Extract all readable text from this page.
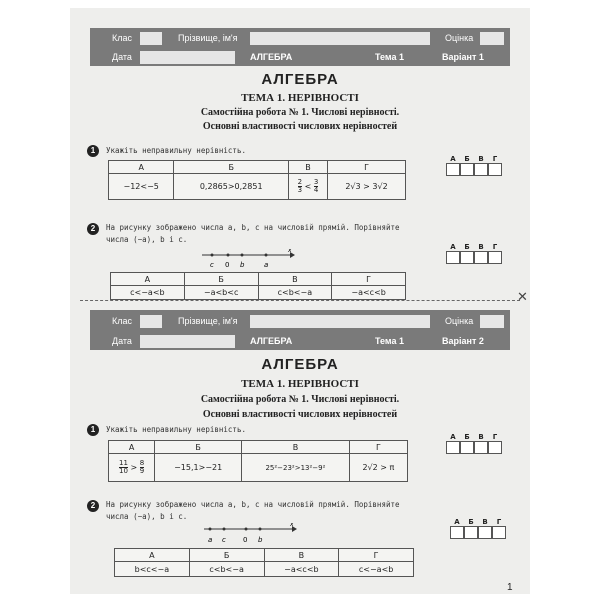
Клас	Прізвище, ім'я	Оцінка
Дата	АЛГЕБРА	Тема 1	Варіант 1
АЛГЕБРА
ТЕМА 1. НЕРІВНОСТІ
Самостійна робота № 1. Числові нерівності.
Основні властивості числових нерівностей
1	Укажіть неправильну нерівність.
А	Б	В	Г
−12<−5	0,2865>0,2851	$\frac{2}{3} < \frac{3}{4}$	2√3 > 3√2
А Б В Г
2	На рисунку зображено числа a, b, c на числовій прямій. Порівняйте
числа (−a), b і c.
c 0 b	a
x
А	Б	В	Г
c<−a<b	−a<b<c	c<b<−a	−a<c<b
А Б В Г
Клас	Прізвище, ім'я	Оцінка
Дата	АЛГЕБРА	Тема 1	Варіант 2
АЛГЕБРА
ТЕМА 1. НЕРІВНОСТІ
Самостійна робота № 1. Числові нерівності.
Основні властивості числових нерівностей
1	Укажіть неправильну нерівність.
А	Б	В	Г

$\frac{11}{10} > \frac{8}{9}$	−15,1>−21	25²−23²>13²−9²	2√2 > π
А Б В Г
2	На рисунку зображено числа a, b, c на числовій прямій. Порівняйте
числа (−a), b і c.
a c 0 b
x
А	Б	В	Г
b<c<−a	c<b<−a	−a<c<b	c<−a<b
А Б В Г
✕
1
